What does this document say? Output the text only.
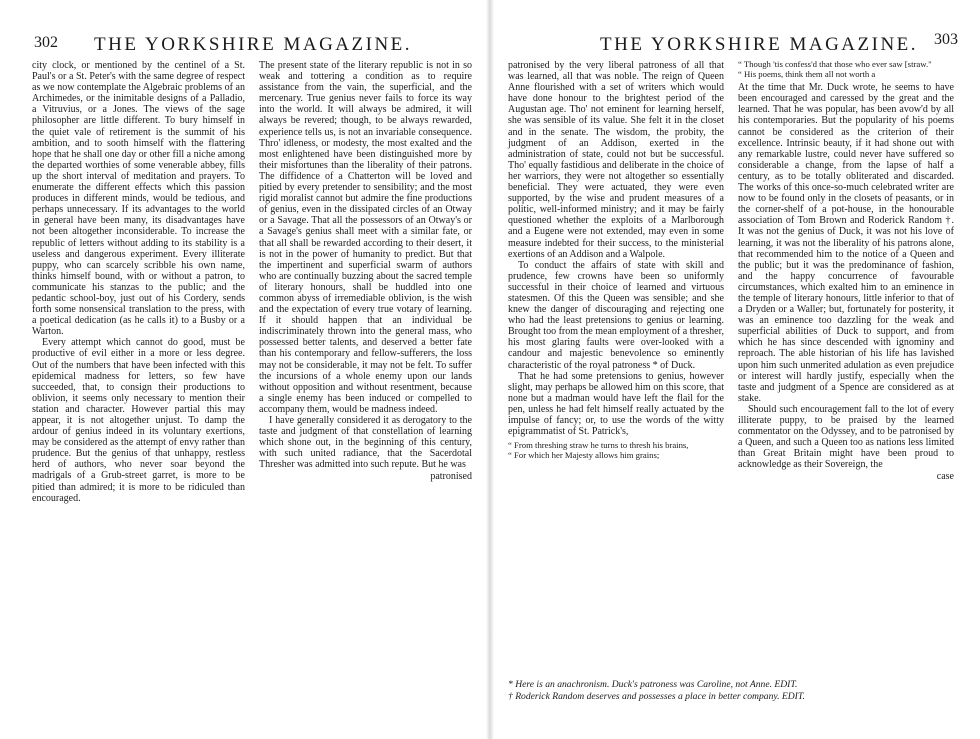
302 THE YORKSHIRE MAGAZINE.

city clock, or mentioned by the centinel of a St. Paul's or a St. Peter's with the same degree of respect as we now contemplate the Algebraic problems of an Archimedes, or the inimitable designs of a Palladio, a Vitruvius, or a Jones. The views of the sage philosopher are little different. To bury himself in the quiet vale of retirement is the summit of his ambition, and to sooth himself with the flattering hope that he shall one day or other fill a niche among the departed worthies of some venerable abbey, fills up the short interval of meditation and prayers. To enumerate the different effects which this passion produces in different minds, would be tedious, and perhaps unnecessary. If its advantages to the world in general have been many, its disadvantages have not been altogether inconsiderable. To increase the republic of letters without adding to its stability is a useless and dangerous experiment. Every illiterate puppy, who can scarcely scribble his own name, thinks himself bound, with or without a patron, to communicate his stanzas to the public; and the pedantic school-boy, just out of his Cordery, sends forth some nonsensical translation to the press, with a poetical dedication (as he calls it) to a Busby or a Warton.

Every attempt which cannot do good, must be productive of evil either in a more or less degree. Out of the numbers that have been infected with this epidemical madness for letters, so few have succeeded, that, to consign their productions to oblivion, it seems only necessary to mention their station and character. However partial this may appear, it is not altogether unjust. To damp the ardour of genius indeed in its voluntary exertions, may be considered as the attempt of envy rather than prudence. But the genius of that unhappy, restless herd of authors, who never soar beyond the madrigals of a Grub-street garret, is more to be pitied than admired; it is more to be ridiculed than encouraged.

The present state of the literary republic is not in so weak and tottering a condition as to require assistance from the vain, the superficial, and the mercenary. True genius never fails to force its way into the world. It will always be admired, it will always be revered; though, to be always rewarded, experience tells us, is not an invariable consequence. Thro' idleness, or modesty, the most exalted and the most enlightened have been distinguished more by their misfortunes than the liberality of their patrons. The diffidence of a Chatterton will be loved and pitied by every pretender to sensibility; and the most rigid moralist cannot but admire the fine productions of genius, even in the dissipated circles of an Otway or a Savage. That all the possessors of an Otway's or a Savage's genius shall meet with a similar fate, or that all shall be rewarded according to their desert, it is not in the power of humanity to predict. But that the impertinent and superficial swarm of authors who are continually buzzing about the sacred temple of literary honours, shall be huddled into one common abyss of irremediable oblivion, is the wish and the expectation of every true votary of learning. If it should happen that an individual be indiscriminately thrown into the general mass, who possessed better talents, and deserved a better fate than his contemporary and fellow-sufferers, the loss may not be considerable, it may not be felt. To suffer the incursions of a whole enemy upon our lands without opposition and without resentment, because a single enemy has been induced or compelled to accompany them, would be madness indeed.

I have generally considered it as derogatory to the taste and judgment of that constellation of learning which shone out, in the beginning of this century, with such united radiance, that the Sacerdotal Thresher was admitted into such repute. But he was

patronised
THE YORKSHIRE MAGAZINE. 303

patronised by the very liberal patroness of all that was learned, all that was noble. The reign of Queen Anne flourished with a set of writers which would have done honour to the brightest period of the Augustan age. Tho' not eminent for learning herself, she was sensible of its value. She felt it in the closet and in the senate. The wisdom, the probity, the judgment of an Addison, exerted in the administration of state, could not but be successful. Tho' equally fastidious and deliberate in the choice of her warriors, they were not altogether so essentially beneficial. They were actuated, they were even supported, by the wise and prudent measures of a politic, well-informed ministry; and it may be fairly questioned whether the exploits of a Marlborough and a Eugene were not extended, may even in some measure indebted for their success, to the ministerial exertions of an Addison and a Walpole.

To conduct the affairs of state with skill and prudence, few crowns have been so uniformly successful in their choice of learned and virtuous statesmen. Of this the Queen was sensible; and she knew the danger of discouraging and rejecting one who had the least pretensions to genius or learning. Brought too from the mean employment of a thresher, his most glaring faults were over-looked with a candour and majestic benevolence so eminently characteristic of the royal patroness * of Duck.

That he had some pretensions to genius, however slight, may perhaps be allowed him on this score, that none but a madman would have left the flail for the pen, unless he had felt himself really actuated by the impulse of fancy; or, to use the words of the witty epigrammatist of St. Patrick's,

“ From threshing straw he turns to thresh his brains,
“ For which her Majesty allows him grains;
“ Though 'tis confess'd that those who ever saw [straw."
“ His poems, think them all not worth a

At the time that Mr. Duck wrote, he seems to have been encouraged and caressed by the great and the learned. That he was popular, has been avow'd by all his contemporaries. But the popularity of his poems cannot be considered as the criterion of their excellence. Intrinsic beauty, if it had shone out with any remarkable lustre, could never have suffered so considerable a change, from the lapse of half a century, as to be totally obliterated and discarded. The works of this once-so-much celebrated writer are now to be found only in the closets of peasants, or in the corner-shelf of a pot-house, in the honourable association of Tom Brown and Roderick Random †. It was not the genius of Duck, it was not his love of learning, it was not the liberality of his patrons alone, that recommended him to the notice of a Queen and the public; but it was the predominance of fashion, and the happy concurrence of favourable circumstances, which exalted him to an eminence in the temple of literary honours, little inferior to that of a Dryden or a Waller; but, fortunately for posterity, it was an eminence too dazzling for the weak and superficial abilities of Duck to support, and from which he has since descended with ignominy and reproach. The able historian of his life has lavished upon him such unmerited adulation as even prejudice or interest will hardly justify, especially when the taste and judgment of a Spence are considered as at stake.

Should such encouragement fall to the lot of every illiterate puppy, to be praised by the learned commentator on the Odyssey, and to be patronised by a Queen, and such a Queen too as nations less limited than Great Britain might have been proud to acknowledge as their Sovereign, the

case
* Here is an anachronism. Duck's patroness was Caroline, not Anne. EDIT.
† Roderick Random deserves and possesses a place in better company. EDIT.
